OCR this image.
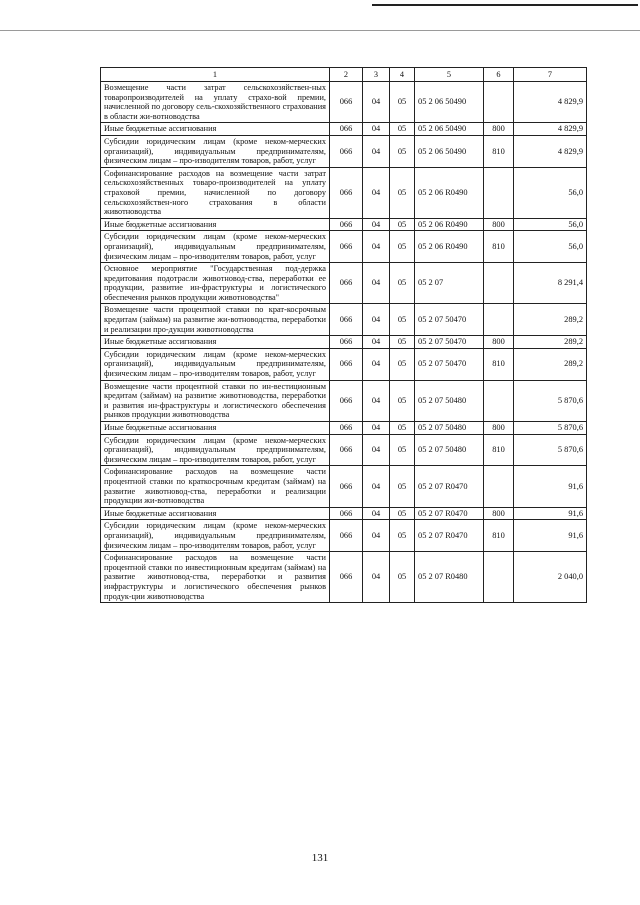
1	2	3	4	5	6	7
Возмещение части затрат сельскохозяйствен-ных товаропроизводителей на уплату страхо-вой премии, начисленной по договору сель-скохозяйственного страхования в области жи-вотноводства	066	04	05	05 2 06 50490		4 829,9
Иные бюджетные ассигнования	066	04	05	05 2 06 50490	800	4 829,9
Субсидии юридическим лицам (кроме неком-мерческих организаций), индивидуальным предпринимателям, физическим лицам – про-изводителям товаров, работ, услуг	066	04	05	05 2 06 50490	810	4 829,9
Софинансирование расходов на возмещение части затрат сельскохозяйственных товаро-производителей на уплату страховой премии, начисленной по договору сельскохозяйствен-ного страхования в области животноводства	066	04	05	05 2 06 R0490		56,0
Иные бюджетные ассигнования	066	04	05	05 2 06 R0490	800	56,0
Субсидии юридическим лицам (кроме неком-мерческих организаций), индивидуальным предпринимателям, физическим лицам – про-изводителям товаров, работ, услуг	066	04	05	05 2 06 R0490	810	56,0
Основное мероприятие "Государственная под-держка кредитования подотрасли животновод-ства, переработки ее продукции, развитие ин-фраструктуры и логистического обеспечения рынков продукции животноводства"	066	04	05	05 2 07		8 291,4
Возмещение части процентной ставки по крат-косрочным кредитам (займам) на развитие жи-вотноводства, переработки и реализации про-дукции животноводства	066	04	05	05 2 07 50470		289,2
Иные бюджетные ассигнования	066	04	05	05 2 07 50470	800	289,2
Субсидии юридическим лицам (кроме неком-мерческих организаций), индивидуальным предпринимателям, физическим лицам – про-изводителям товаров, работ, услуг	066	04	05	05 2 07 50470	810	289,2
Возмещение части процентной ставки по ин-вестиционным кредитам (займам) на развитие животноводства, переработки и развития ин-фраструктуры и логистического обеспечения рынков продукции животноводства	066	04	05	05 2 07 50480		5 870,6
Иные бюджетные ассигнования	066	04	05	05 2 07 50480	800	5 870,6
Субсидии юридическим лицам (кроме неком-мерческих организаций), индивидуальным предпринимателям, физическим лицам – про-изводителям товаров, работ, услуг	066	04	05	05 2 07 50480	810	5 870,6
Софинансирование расходов на возмещение части процентной ставки по краткосрочным кредитам (займам) на развитие животновод-ства, переработки и реализации продукции жи-вотноводства	066	04	05	05 2 07 R0470		91,6
Иные бюджетные ассигнования	066	04	05	05 2 07 R0470	800	91,6
Субсидии юридическим лицам (кроме неком-мерческих организаций), индивидуальным предпринимателям, физическим лицам – про-изводителям товаров, работ, услуг	066	04	05	05 2 07 R0470	810	91,6
Софинансирование расходов на возмещение части процентной ставки по инвестиционным кредитам (займам) на развитие животновод-ства, переработки и развития инфраструктуры и логистического обеспечения рынков продук-ции животноводства	066	04	05	05 2 07 R0480		2 040,0
131
